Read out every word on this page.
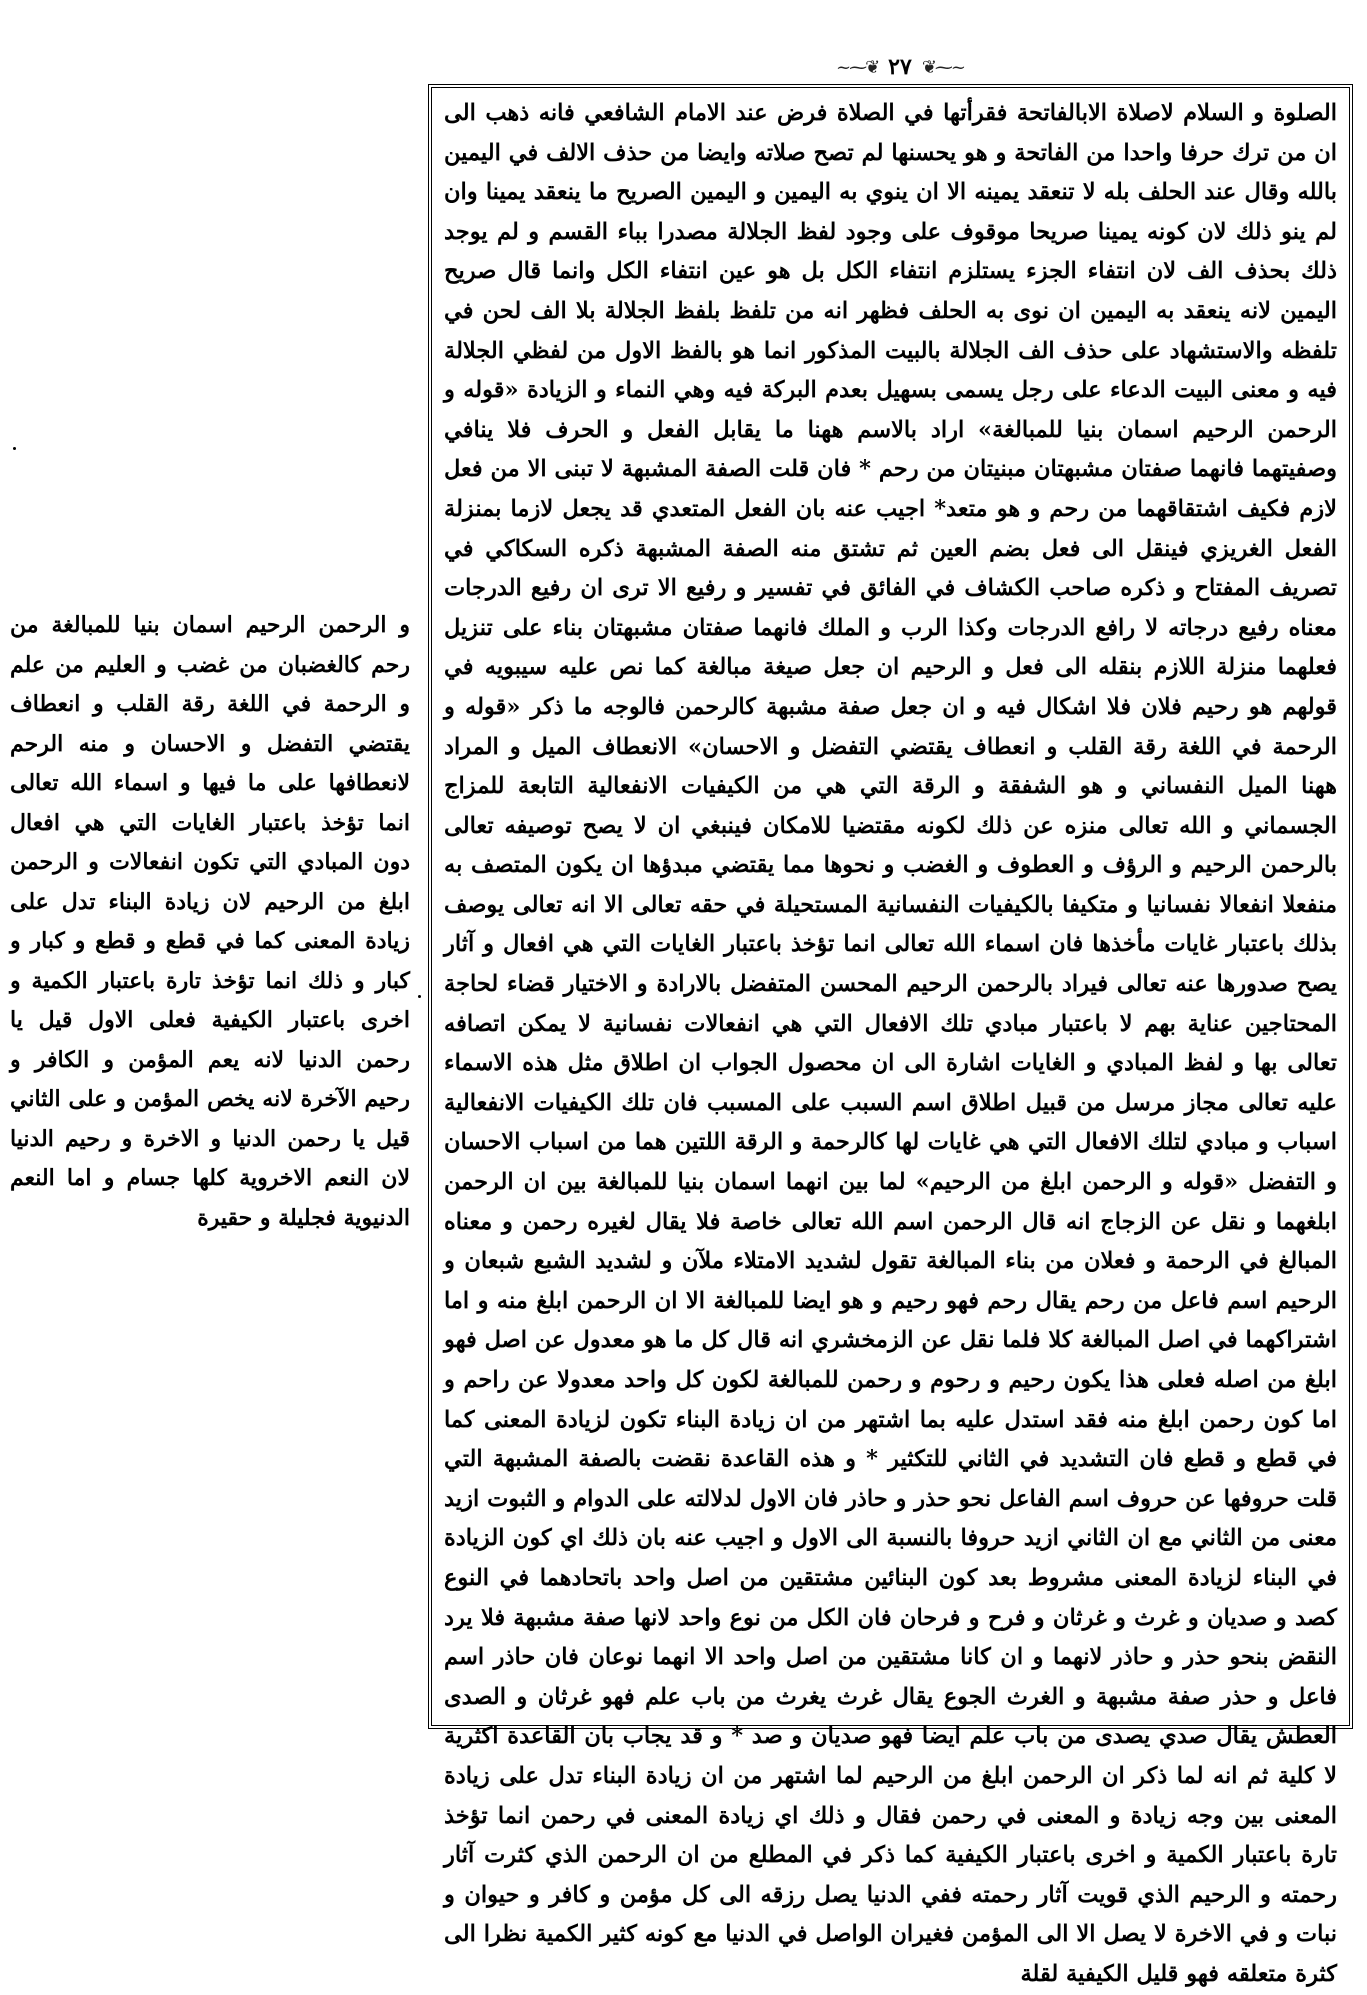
~⁓❦ ٢٧ ❦⁓~

الصلوة و السلام لاصلاة الابالفاتحة فقرأتها في الصلاة فرض عند الامام الشافعي فانه ذهب الى ان من ترك حرفا واحدا من الفاتحة و هو يحسنها لم تصح صلاته وايضا من حذف الالف في اليمين بالله وقال عند الحلف بله لا تنعقد يمينه الا ان ينوي به اليمين و اليمين الصريح ما ينعقد يمينا وان لم ينو ذلك لان كونه يمينا صريحا موقوف على وجود لفظ الجلالة مصدرا بباء القسم و لم يوجد ذلك بحذف الف لان انتفاء الجزء يستلزم انتفاء الكل بل هو عين انتفاء الكل وانما قال صريح اليمين لانه ينعقد به اليمين ان نوى به الحلف فظهر انه من تلفظ بلفظ الجلالة بلا الف لحن في تلفظه والاستشهاد على حذف الف الجلالة بالبيت المذكور انما هو بالفظ الاول من لفظي الجلالة فيه و معنى البيت الدعاء على رجل يسمى بسهيل بعدم البركة فيه وهي النماء و الزيادة «قوله و الرحمن الرحيم اسمان بنيا للمبالغة» اراد بالاسم ههنا ما يقابل الفعل و الحرف فلا ينافي وصفيتهما فانهما صفتان مشبهتان مبنيتان من رحم * فان قلت الصفة المشبهة لا تبنى الا من فعل لازم فكيف اشتقاقهما من رحم و هو متعد* اجيب عنه بان الفعل المتعدي قد يجعل لازما بمنزلة الفعل الغريزي فينقل الى فعل بضم العين ثم تشتق منه الصفة المشبهة ذكره السكاكي في تصريف المفتاح و ذكره صاحب الكشاف في الفائق في تفسير و رفيع الا ترى ان رفيع الدرجات معناه رفيع درجاته لا رافع الدرجات وكذا الرب و الملك فانهما صفتان مشبهتان بناء على تنزيل فعلهما منزلة اللازم بنقله الى فعل و الرحيم ان جعل صيغة مبالغة كما نص عليه سيبويه في قولهم هو رحيم فلان فلا اشكال فيه و ان جعل صفة مشبهة كالرحمن فالوجه ما ذكر «قوله و الرحمة في اللغة رقة القلب و انعطاف يقتضي التفضل و الاحسان» الانعطاف الميل و المراد ههنا الميل النفساني و هو الشفقة و الرقة التي هي من الكيفيات الانفعالية التابعة للمزاج الجسماني و الله تعالى منزه عن ذلك لكونه مقتضيا للامكان فينبغي ان لا يصح توصيفه تعالى بالرحمن الرحيم و الرؤف و العطوف و الغضب و نحوها مما يقتضي مبدؤها ان يكون المتصف به منفعلا انفعالا نفسانيا و متكيفا بالكيفيات النفسانية المستحيلة في حقه تعالى الا انه تعالى يوصف بذلك باعتبار غايات مأخذها فان اسماء الله تعالى انما تؤخذ باعتبار الغايات التي هي افعال و آثار يصح صدورها عنه تعالى فيراد بالرحمن الرحيم المحسن المتفضل بالارادة و الاختيار قضاء لحاجة المحتاجين عناية بهم لا باعتبار مبادي تلك الافعال التي هي انفعالات نفسانية لا يمكن اتصافه تعالى بها و لفظ المبادي و الغايات اشارة الى ان محصول الجواب ان اطلاق مثل هذه الاسماء عليه تعالى مجاز مرسل من قبيل اطلاق اسم السبب على المسبب فان تلك الكيفيات الانفعالية اسباب و مبادي لتلك الافعال التي هي غايات لها كالرحمة و الرقة اللتين هما من اسباب الاحسان و التفضل «قوله و الرحمن ابلغ من الرحيم» لما بين انهما اسمان بنيا للمبالغة بين ان الرحمن ابلغهما و نقل عن الزجاج انه قال الرحمن اسم الله تعالى خاصة فلا يقال لغيره رحمن و معناه المبالغ في الرحمة و فعلان من بناء المبالغة تقول لشديد الامتلاء ملآن و لشديد الشبع شبعان و الرحيم اسم فاعل من رحم يقال رحم فهو رحيم و هو ايضا للمبالغة الا ان الرحمن ابلغ منه و اما اشتراكهما في اصل المبالغة كلا فلما نقل عن الزمخشري انه قال كل ما هو معدول عن اصل فهو ابلغ من اصله فعلى هذا يكون رحيم و رحوم و رحمن للمبالغة لكون كل واحد معدولا عن راحم و اما كون رحمن ابلغ منه فقد استدل عليه بما اشتهر من ان زيادة البناء تكون لزيادة المعنى كما في قطع و قطع فان التشديد في الثاني للتكثير * و هذه القاعدة نقضت بالصفة المشبهة التي قلت حروفها عن حروف اسم الفاعل نحو حذر و حاذر فان الاول لدلالته على الدوام و الثبوت ازيد معنى من الثاني مع ان الثاني ازيد حروفا بالنسبة الى الاول و اجيب عنه بان ذلك اي كون الزيادة في البناء لزيادة المعنى مشروط بعد كون البنائين مشتقين من اصل واحد باتحادهما في النوع كصد و صديان و غرث و غرثان و فرح و فرحان فان الكل من نوع واحد لانها صفة مشبهة فلا يرد النقض بنحو حذر و حاذر لانهما و ان كانا مشتقين من اصل واحد الا انهما نوعان فان حاذر اسم فاعل و حذر صفة مشبهة و الغرث الجوع يقال غرث يغرث من باب علم فهو غرثان و الصدى العطش يقال صدي يصدى من باب علم ايضا فهو صديان و صد * و قد يجاب بان القاعدة اكثرية لا كلية ثم انه لما ذكر ان الرحمن ابلغ من الرحيم لما اشتهر من ان زيادة البناء تدل على زيادة المعنى بين وجه زيادة و المعنى في رحمن فقال و ذلك اي زيادة المعنى في رحمن انما تؤخذ تارة باعتبار الكمية و اخرى باعتبار الكيفية كما ذكر في المطلع من ان الرحمن الذي كثرت آثار رحمته و الرحيم الذي قويت آثار رحمته ففي الدنيا يصل رزقه الى كل مؤمن و كافر و حيوان و نبات و في الاخرة لا يصل الا الى المؤمن فغيران الواصل في الدنيا مع كونه كثير الكمية نظرا الى كثرة متعلقه فهو قليل الكيفية لقلة

و الرحمن الرحيم اسمان بنيا للمبالغة من رحم كالغضبان من غضب و العليم من علم و الرحمة في اللغة رقة القلب و انعطاف يقتضي التفضل و الاحسان و منه الرحم لانعطافها على ما فيها و اسماء الله تعالى انما تؤخذ باعتبار الغايات التي هي افعال دون المبادي التي تكون انفعالات و الرحمن ابلغ من الرحيم لان زيادة البناء تدل على زيادة المعنى كما في قطع و قطع و كبار و كبار و ذلك انما تؤخذ تارة باعتبار الكمية و اخرى باعتبار الكيفية فعلى الاول قيل يا رحمن الدنيا لانه يعم المؤمن و الكافر و رحيم الآخرة لانه يخص المؤمن و على الثاني قيل يا رحمن الدنيا و الاخرة و رحيم الدنيا لان النعم الاخروية كلها جسام و اما النعم الدنيوية فجليلة و حقيرة
